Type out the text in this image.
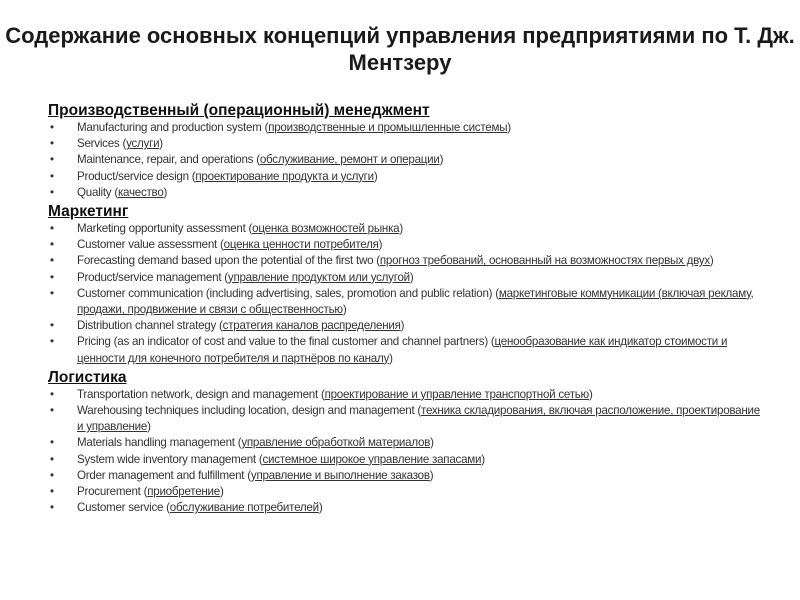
Содержание основных концепций управления предприятиями по Т. Дж. Ментзеру
Производственный (операционный) менеджмент
• Manufacturing and production system (производственные и промышленные системы)
• Services (услуги)
• Maintenance, repair, and operations (обслуживание, ремонт и операции)
• Product/service design (проектирование продукта и услуги)
• Quality (качество)
Маркетинг
• Marketing opportunity assessment (оценка возможностей рынка)
• Customer value assessment (оценка ценности потребителя)
• Forecasting demand based upon the potential of the first two (прогноз требований, основанный на возможностях первых двух)
• Product/service management (управление продуктом или услугой)
• Customer communication (including advertising, sales, promotion and public relation) (маркетинговые коммуникации (включая рекламу, продажи, продвижение и связи с общественностью)
• Distribution channel strategy (стратегия каналов распределения)
• Pricing (as an indicator of cost and value to the final customer and channel partners) (ценообразование как индикатор стоимости и ценности для конечного потребителя и партнёров по каналу)
Логистика
• Transportation network, design and management (проектирование и управление транспортной сетью)
• Warehousing techniques including location, design and management (техника складирования, включая расположение, проектирование и управление)
• Materials handling management (управление обработкой материалов)
• System wide inventory management (системное широкое управление запасами)
• Order management and fulfillment (управление и выполнение заказов)
• Procurement (приобретение)
• Customer service (обслуживание потребителей)
